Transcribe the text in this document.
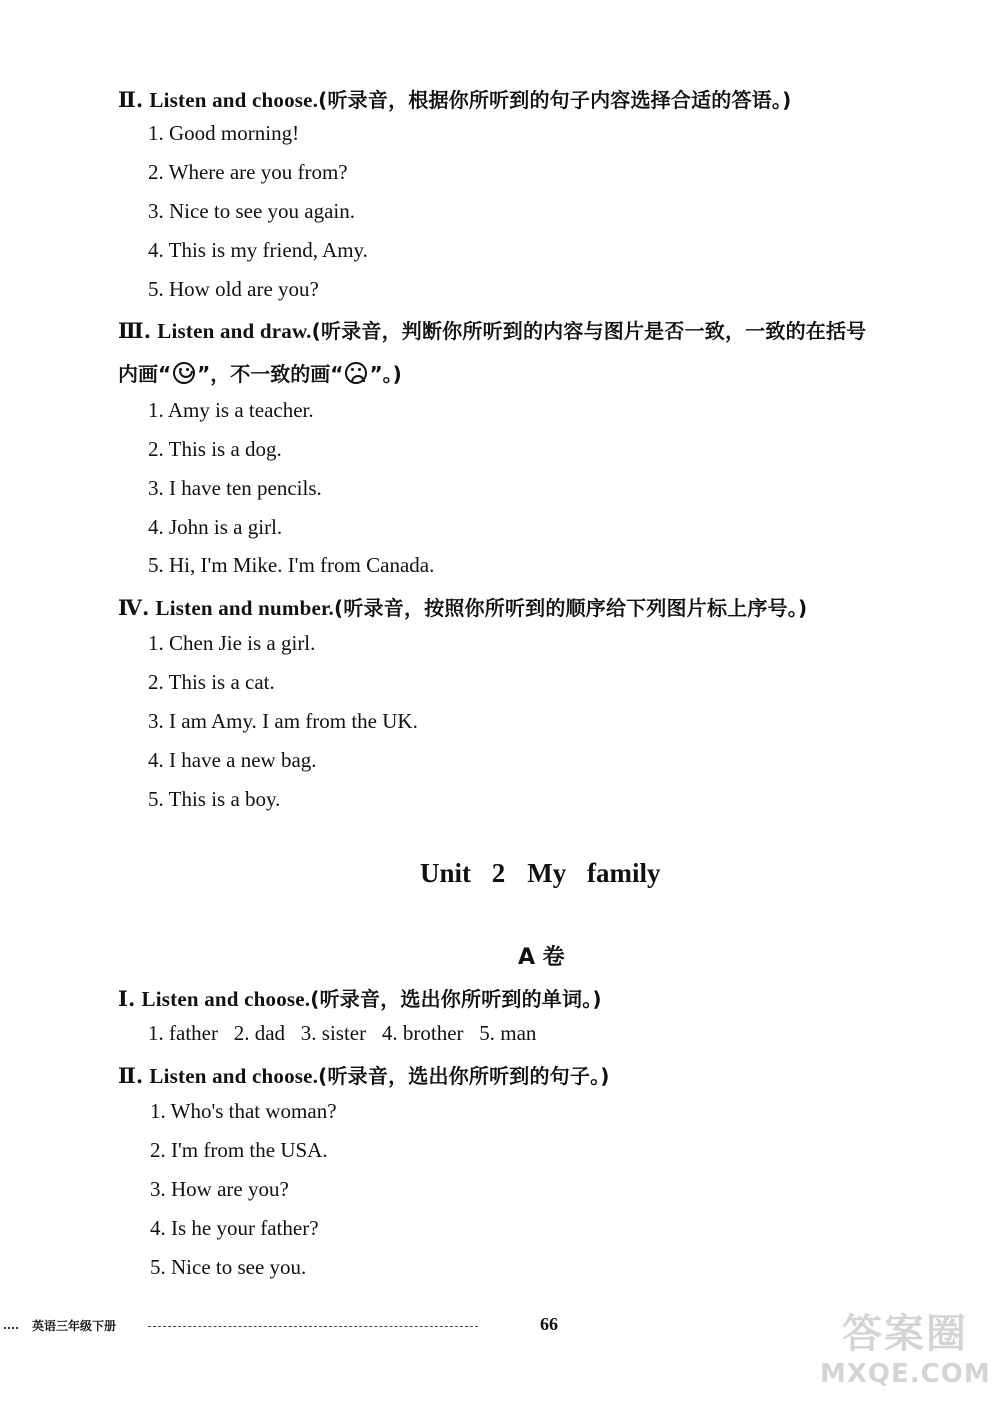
Ⅱ. Listen and choose.(听录音，根据你所听到的句子内容选择合适的答语。)
1. Good morning!
2. Where are you from?
3. Nice to see you again.
4. This is my friend, Amy.
5. How old are you?
Ⅲ. Listen and draw.(听录音，判断你所听到的内容与图片是否一致，一致的在括号
内画“ ”，不一致的画“ ”。)
1. Amy is a teacher.
2. This is a dog.
3. I have ten pencils.
4. John is a girl.
5. Hi, I'm Mike. I'm from Canada.
Ⅳ. Listen and number.(听录音，按照你所听到的顺序给下列图片标上序号。)
1. Chen Jie is a girl.
2. This is a cat.
3. I am Amy. I am from the UK.
4. I have a new bag.
5. This is a boy.
Unit 2 My family
A 卷
Ⅰ. Listen and choose.(听录音，选出你所听到的单词。)
1. father   2. dad   3. sister   4. brother   5. man
Ⅱ. Listen and choose.(听录音，选出你所听到的句子。)
1. Who's that woman?
2. I'm from the USA.
3. How are you?
4. Is he your father?
5. Nice to see you.
英语三年级下册	66	答案圈
MXQE.COM
